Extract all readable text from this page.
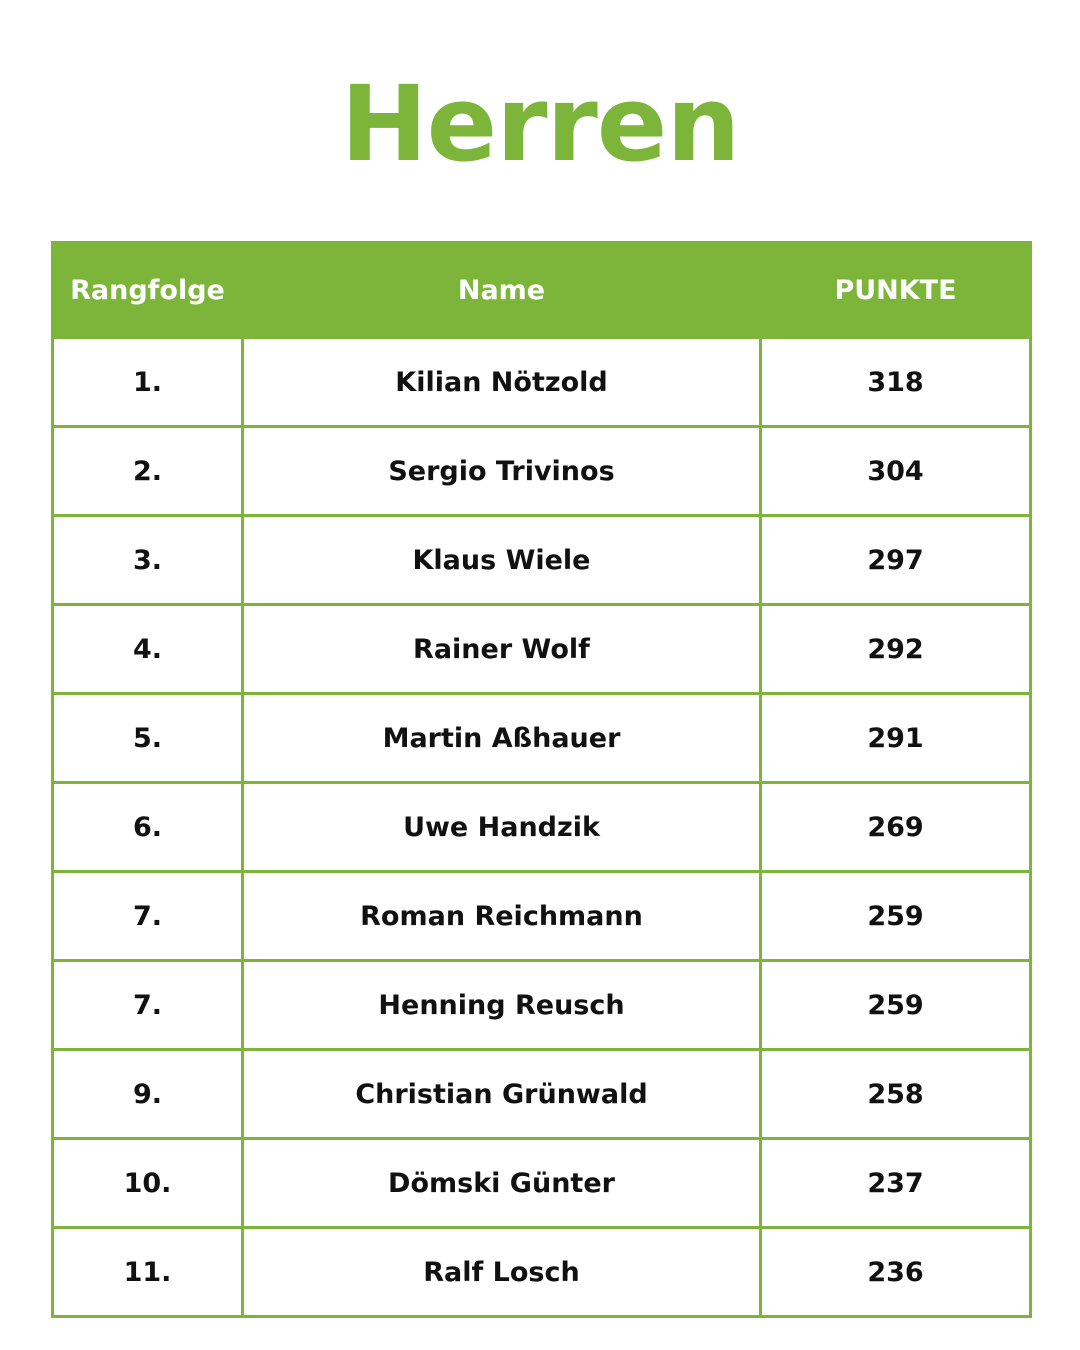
Herren
Rangfolge	Name	PUNKTE
1.	Kilian Nötzold	318
2.	Sergio Trivinos	304
3.	Klaus Wiele	297
4.	Rainer Wolf	292
5.	Martin Aßhauer	291
6.	Uwe Handzik	269
7.	Roman Reichmann	259
7.	Henning Reusch	259
9.	Christian Grünwald	258
10.	Dömski Günter	237
11.	Ralf Losch	236
